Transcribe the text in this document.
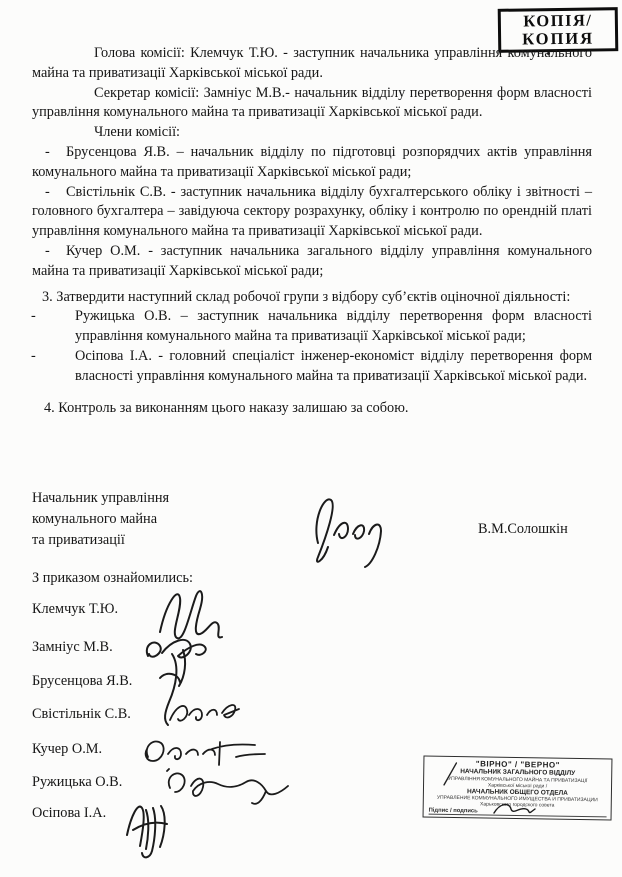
КОПІЯ/
КОПИЯ

Голова комісії: Клемчук Т.Ю. - заступник начальника управління комунального майна та приватизації Харківської міської ради.

Секретар комісії: Замніус М.В.- начальник відділу перетворення форм власності управління комунального майна та приватизації Харківської міської ради.

Члени комісії:

- Брусенцова Я.В. – начальник відділу по підготовці розпорядчих актів управління комунального майна та приватизації Харківської міської ради;

- Свістільнік С.В. - заступник начальника відділу бухгалтерського обліку і звітності – головного бухгалтера – завідуюча сектору розрахунку, обліку і контролю по орендній платі управління комунального майна та приватизації Харківської міської ради.

- Кучер О.М. - заступник начальника загального відділу управління комунального майна та приватизації Харківської міської ради;

3. Затвердити наступний склад робочої групи з відбору суб’єктів оціночної діяльності:

-	Ружицька О.В. – заступник начальника відділу перетворення форм власності управління комунального майна та приватизації Харківської міської ради;

-	Осіпова І.А. - головний спеціаліст інженер-економіст відділу перетворення форм власності управління комунального майна та приватизації Харківської міської ради.

4. Контроль за виконанням цього наказу залишаю за собою.

Начальник управління
комунального майна
та приватизації
В.М.Солошкін
З приказом ознайомились:
Клемчук Т.Ю.
Замніус М.В.
Брусенцова Я.В.
Свістільнік С.В.
Кучер О.М.
Ружицька О.В.
Осіпова І.А.
"ВІРНО" / "ВЕРНО"
НАЧАЛЬНИК ЗАГАЛЬНОГО ВІДДІЛУ
УПРАВЛІННЯ КОМУНАЛЬНОГО МАЙНА ТА ПРИВАТИЗАЦІЇ
Харківської міської ради /
НАЧАЛЬНИК ОБЩЕГО ОТДЕЛА
УПРАВЛЕНИЕ КОММУНАЛЬНОГО ИМУЩЕСТВА И ПРИВАТИЗАЦИИ
Харьковского городского совета
Підпис / подпись
